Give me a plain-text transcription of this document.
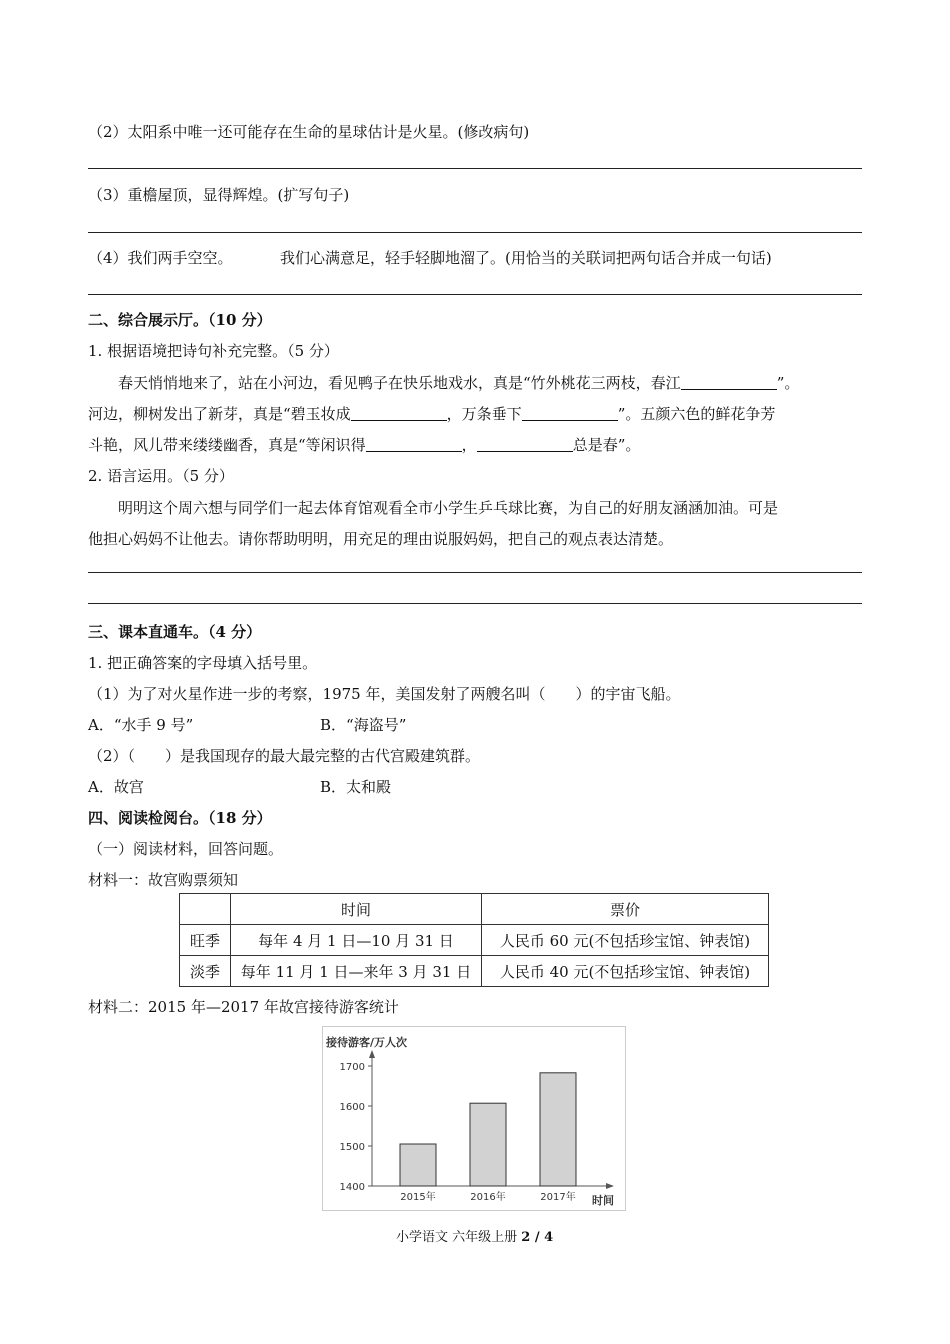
（2）太阳系中唯一还可能存在生命的星球估计是火星。(修改病句)
（3）重檐屋顶，显得辉煌。(扩写句子)
（4）我们两手空空。	我们心满意足，轻手轻脚地溜了。(用恰当的关联词把两句话合并成一句话)
二、综合展示厅。（10 分）
1. 根据语境把诗句补充完整。（5 分）
春天悄悄地来了，站在小河边，看见鸭子在快乐地戏水，真是“竹外桃花三两枝，春江	”。
河边，柳树发出了新芽，真是“碧玉妆成	，万条垂下	”。五颜六色的鲜花争芳
斗艳，风儿带来缕缕幽香，真是“等闲识得	，	总是春”。
2. 语言运用。（5 分）
明明这个周六想与同学们一起去体育馆观看全市小学生乒乓球比赛，为自己的好朋友涵涵加油。可是
他担心妈妈不让他去。请你帮助明明，用充足的理由说服妈妈，把自己的观点表达清楚。
三、课本直通车。（4 分）
1. 把正确答案的字母填入括号里。
（1）为了对火星作进一步的考察，1975 年，美国发射了两艘名叫（　　）的宇宙飞船。
A．“水手 9 号”	B．“海盗号”
（2）（　　）是我国现存的最大最完整的古代宫殿建筑群。
A．故宫	B．太和殿
四、阅读检阅台。（18 分）
（一）阅读材料，回答问题。
材料一：故宫购票须知
	时间	票价
旺季	每年 4 月 1 日—10 月 31 日	人民币 60 元(不包括珍宝馆、钟表馆)
淡季	每年 11 月 1 日—来年 3 月 31 日	人民币 40 元(不包括珍宝馆、钟表馆)
材料二：2015 年—2017 年故宫接待游客统计
接待游客/万人次
时间
1400
1500
1600
1700
2015年	2016年	2017年
小学语文 六年级上册 2 / 4
